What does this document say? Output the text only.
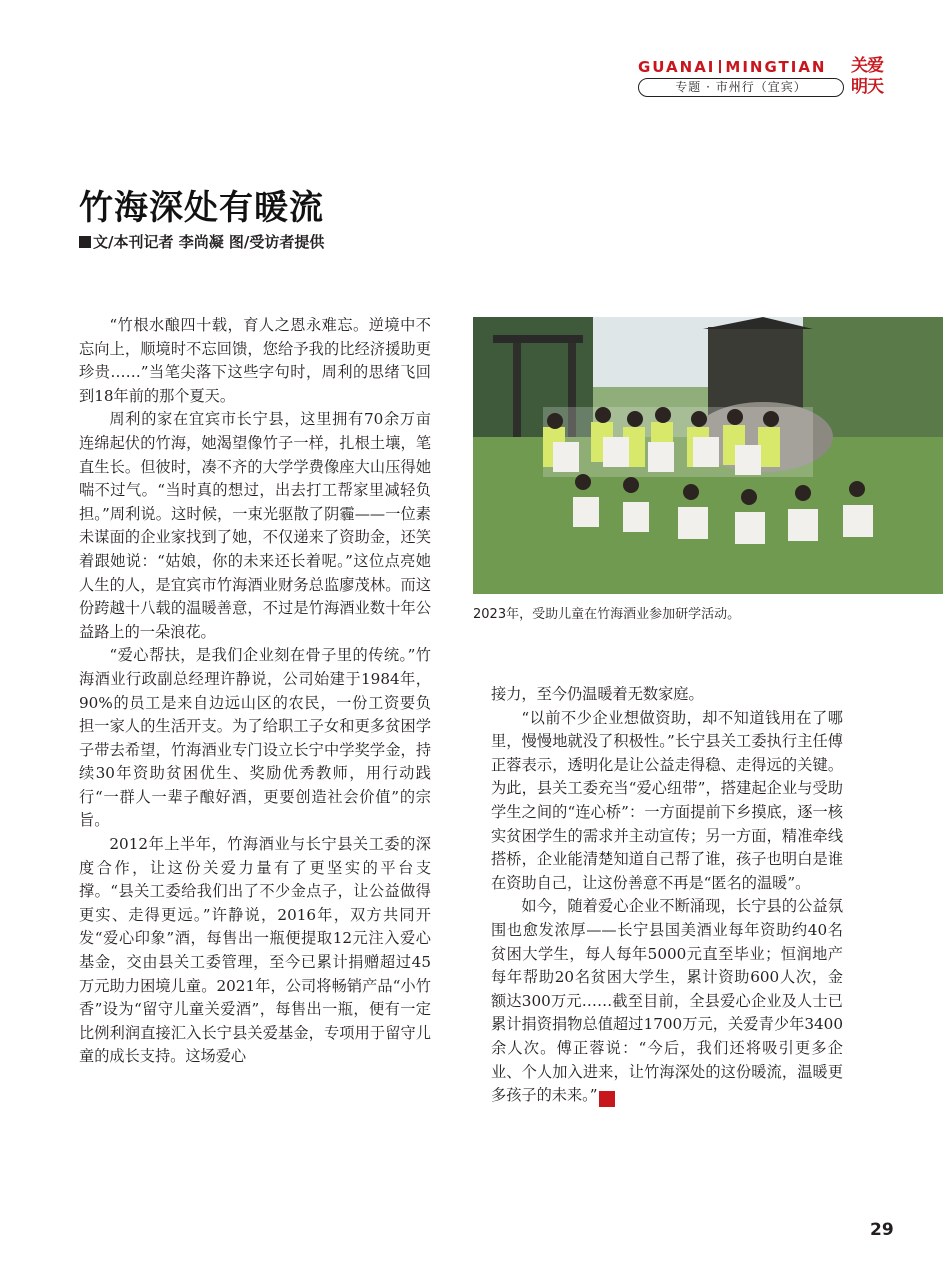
GUANAI MINGTIAN
专题 · 市州行（宜宾）
关爱
明天
竹海深处有暖流
文/本刊记者 李尚凝 图/受访者提供

“竹根水酿四十载，育人之恩永难忘。逆境中不忘向上，顺境时不忘回馈，您给予我的比经济援助更珍贵……”当笔尖落下这些字句时，周利的思绪飞回到18年前的那个夏天。

周利的家在宜宾市长宁县，这里拥有70余万亩连绵起伏的竹海，她渴望像竹子一样，扎根土壤，笔直生长。但彼时，凑不齐的大学学费像座大山压得她喘不过气。“当时真的想过，出去打工帮家里减轻负担。”周利说。这时候，一束光驱散了阴霾——一位素未谋面的企业家找到了她，不仅递来了资助金，还笑着跟她说：“姑娘，你的未来还长着呢。”这位点亮她人生的人，是宜宾市竹海酒业财务总监廖茂林。而这份跨越十八载的温暖善意，不过是竹海酒业数十年公益路上的一朵浪花。

“爱心帮扶，是我们企业刻在骨子里的传统。”竹海酒业行政副总经理许静说，公司始建于1984年，90%的员工是来自边远山区的农民，一份工资要负担一家人的生活开支。为了给职工子女和更多贫困学子带去希望，竹海酒业专门设立长宁中学奖学金，持续30年资助贫困优生、奖励优秀教师，用行动践行“一群人一辈子酿好酒，更要创造社会价值”的宗旨。

2012年上半年，竹海酒业与长宁县关工委的深度合作，让这份关爱力量有了更坚实的平台支撑。“县关工委给我们出了不少金点子，让公益做得更实、走得更远。”许静说，2016年，双方共同开发“爱心印象”酒，每售出一瓶便提取12元注入爱心基金，交由县关工委管理，至今已累计捐赠超过45万元助力困境儿童。2021年，公司将畅销产品“小竹香”设为“留守儿童关爱酒”，每售出一瓶，便有一定比例利润直接汇入长宁县关爱基金，专项用于留守儿童的成长支持。这场爱心

2023年，受助儿童在竹海酒业参加研学活动。

接力，至今仍温暖着无数家庭。

“以前不少企业想做资助，却不知道钱用在了哪里，慢慢地就没了积极性。”长宁县关工委执行主任傅正蓉表示，透明化是让公益走得稳、走得远的关键。为此，县关工委充当“爱心纽带”，搭建起企业与受助学生之间的“连心桥”：一方面提前下乡摸底，逐一核实贫困学生的需求并主动宣传；另一方面，精准牵线搭桥，企业能清楚知道自己帮了谁，孩子也明白是谁在资助自己，让这份善意不再是“匿名的温暖”。

如今，随着爱心企业不断涌现，长宁县的公益氛围也愈发浓厚——长宁县国美酒业每年资助约40名贫困大学生，每人每年5000元直至毕业；恒润地产每年帮助20名贫困大学生，累计资助600人次，金额达300万元……截至目前，全县爱心企业及人士已累计捐资捐物总值超过1700万元，关爱青少年3400余人次。傅正蓉说：“今后，我们还将吸引更多企业、个人加入进来，让竹海深处的这份暖流，温暖更多孩子的未来。”	关

29
